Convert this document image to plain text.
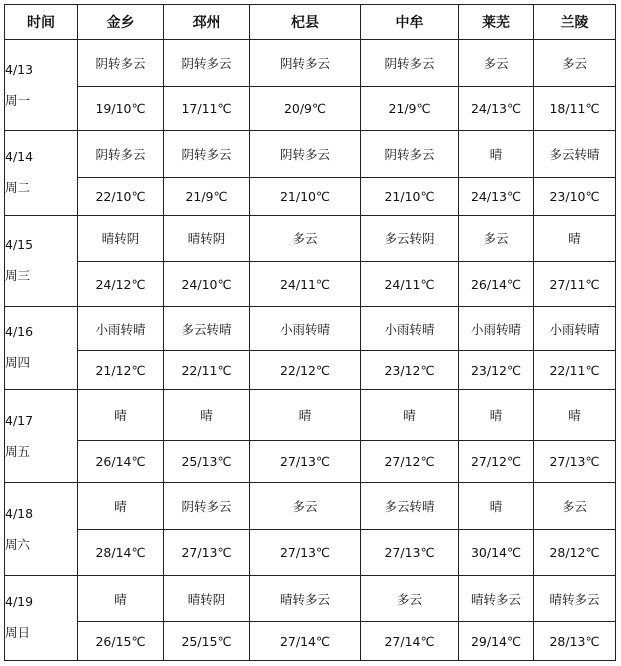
时间	金乡	邳州	杞县	中牟	莱芜	兰陵

4/13
周一	阴转多云	阴转多云	阴转多云	阴转多云	多云	多云
	19/10℃	17/11℃	20/9℃	21/9℃	24/13℃	18/11℃

4/14
周二	阴转多云	阴转多云	阴转多云	阴转多云	晴	多云转晴
	22/10℃	21/9℃	21/10℃	21/10℃	24/13℃	23/10℃

4/15
周三	晴转阴	晴转阴	多云	多云转阴	多云	晴
	24/12℃	24/10℃	24/11℃	24/11℃	26/14℃	27/11℃

4/16
周四	小雨转晴	多云转晴	小雨转晴	小雨转晴	小雨转晴	小雨转晴
	21/12℃	22/11℃	22/12℃	23/12℃	23/12℃	22/11℃

4/17
周五	晴	晴	晴	晴	晴	晴
	26/14℃	25/13℃	27/13℃	27/12℃	27/12℃	27/13℃

4/18
周六	晴	阴转多云	多云	多云转晴	晴	多云
	28/14℃	27/13℃	27/13℃	27/13℃	30/14℃	28/12℃

4/19
周日	晴	晴转阴	晴转多云	多云	晴转多云	晴转多云
	26/15℃	25/15℃	27/14℃	27/14℃	29/14℃	28/13℃
